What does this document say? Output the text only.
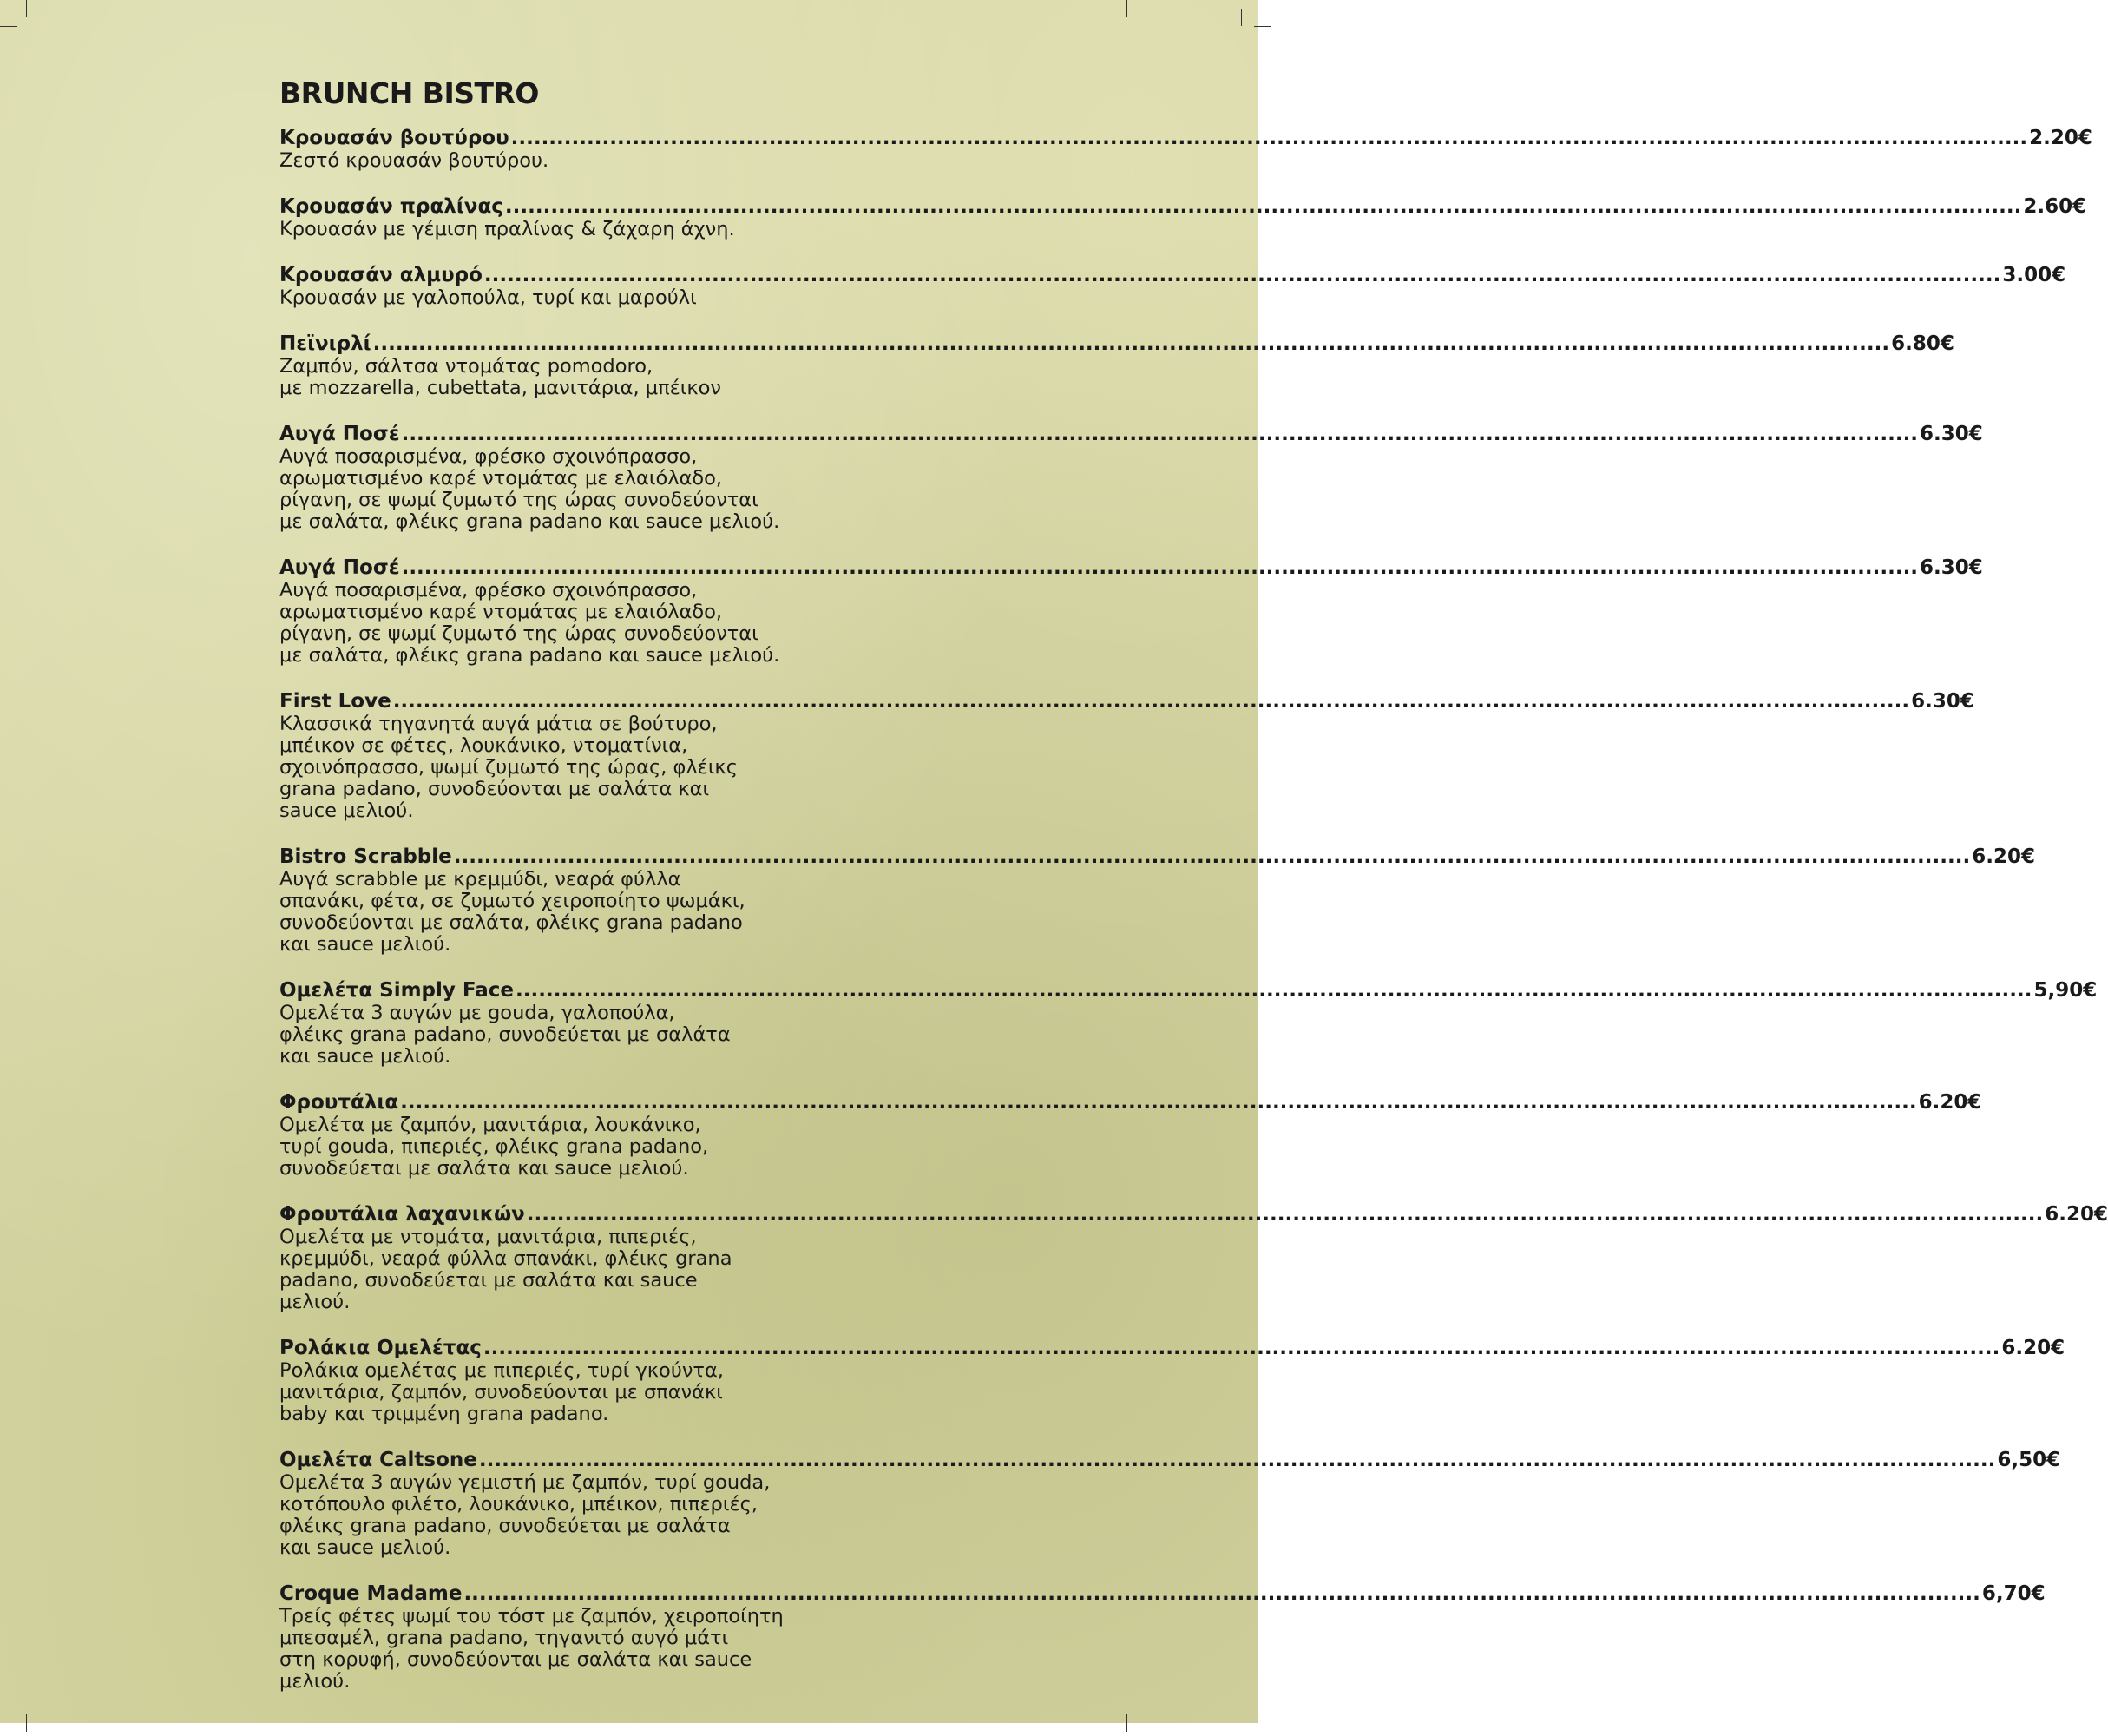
BRUNCH BISTRO
Κρουασάν βουτύρου ........................................................................................................................................................................................................ 2.20€
Ζεστό κρουασάν βουτύρου.
Κρουασάν πραλίνας ........................................................................................................................................................................................................ 2.60€
Κρουασάν με γέμιση πραλίνας & ζάχαρη άχνη.
Κρουασάν αλμυρό ........................................................................................................................................................................................................ 3.00€
Κρουασάν με γαλοπούλα, τυρί και μαρούλι
Πεϊνιρλί ........................................................................................................................................................................................................ 6.80€
Ζαμπόν, σάλτσα ντομάτας pomodoro,
με mozzarella, cubettata, μανιτάρια, μπέικον
Αυγά Ποσέ ........................................................................................................................................................................................................ 6.30€
Αυγά ποσαρισμένα, φρέσκο σχοινόπρασσο,
αρωματισμένο καρέ ντομάτας με ελαιόλαδο,
ρίγανη, σε ψωμί ζυμωτό της ώρας συνοδεύονται
με σαλάτα, φλέικς grana padano και sauce μελιού.
Αυγά Ποσέ ........................................................................................................................................................................................................ 6.30€
Αυγά ποσαρισμένα, φρέσκο σχοινόπρασσο,
αρωματισμένο καρέ ντομάτας με ελαιόλαδο,
ρίγανη, σε ψωμί ζυμωτό της ώρας συνοδεύονται
με σαλάτα, φλέικς grana padano και sauce μελιού.
First Love ........................................................................................................................................................................................................ 6.30€
Κλασσικά τηγανητά αυγά μάτια σε βούτυρο,
μπέικον σε φέτες, λουκάνικο, ντοματίνια,
σχοινόπρασσο, ψωμί ζυμωτό της ώρας, φλέικς
grana padano, συνοδεύονται με σαλάτα και
sauce μελιού.
Bistro Scrabble ........................................................................................................................................................................................................ 6.20€
Αυγά scrabble με κρεμμύδι, νεαρά φύλλα
σπανάκι, φέτα, σε ζυμωτό χειροποίητο ψωμάκι,
συνοδεύονται με σαλάτα, φλέικς grana padano
και sauce μελιού.
Ομελέτα Simply Face ........................................................................................................................................................................................................ 5,90€
Ομελέτα 3 αυγών με gouda, γαλοπούλα,
φλέικς grana padano, συνοδεύεται με σαλάτα
και sauce μελιού.
Φρουτάλια ........................................................................................................................................................................................................ 6.20€
Ομελέτα με ζαμπόν, μανιτάρια, λουκάνικο,
τυρί gouda, πιπεριές, φλέικς grana padano,
συνοδεύεται με σαλάτα και sauce μελιού.
Φρουτάλια λαχανικών ........................................................................................................................................................................................................ 6.20€
Ομελέτα με ντομάτα, μανιτάρια, πιπεριές,
κρεμμύδι, νεαρά φύλλα σπανάκι, φλέικς grana
padano, συνοδεύεται με σαλάτα και sauce
μελιού.
Ρολάκια Ομελέτας ........................................................................................................................................................................................................ 6.20€
Ρολάκια ομελέτας με πιπεριές, τυρί γκούντα,
μανιτάρια, ζαμπόν, συνοδεύονται με σπανάκι
baby και τριμμένη grana padano.
Ομελέτα Caltsone ........................................................................................................................................................................................................ 6,50€
Ομελέτα 3 αυγών γεμιστή με ζαμπόν, τυρί gouda,
κοτόπουλο φιλέτο, λουκάνικο, μπέικον, πιπεριές,
φλέικς grana padano, συνοδεύεται με σαλάτα
και sauce μελιού.
Croque Madame ........................................................................................................................................................................................................ 6,70€
Τρείς φέτες ψωμί του τόστ με ζαμπόν, χειροποίητη
μπεσαμέλ, grana padano, τηγανιτό αυγό μάτι
στη κορυφή, συνοδεύονται με σαλάτα και sauce
μελιού.
